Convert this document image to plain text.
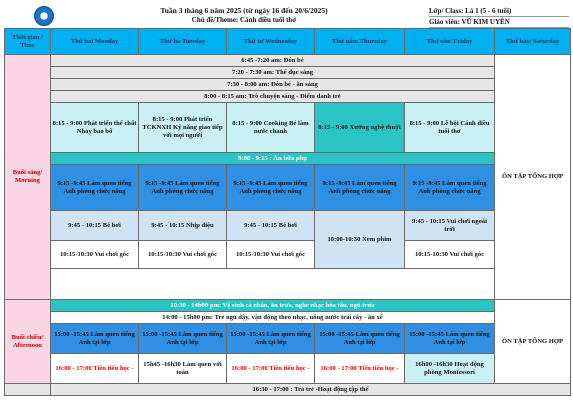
Tuần 3 tháng 6 năm 2025 (từ ngày 16 đến 20/6/2025)
Chủ đề/Theme: Cánh diều tuổi thơ
Lớp/ Class: Lá 1 (5 - 6 tuổi)
Giáo viên: VŨ KIM UYÊN
Thời gian / Time	Thứ hai Monday	Thứ ba Tuesday	Thứ tư Wednesday	Thứ năm Thursday	Thứ sáu/ Friday	Thứ bảy/ Saturday
Buổi sáng/ Morning	6:45 -7:20 am: Đón bé					ÔN TẬP TỔNG HỢP
	7:20 - 7:30 am: Thể dục sáng					
	7:30 - 8:00 am: Đón bé - ăn sáng					
	8:00 - 8:15 am: Trò chuyện sáng - Điểm danh trẻ					
	8:15 - 9:00 Phát triển thể chất Nhảy bao bố	8:15 - 9:00 Phát triển TCKNXH Kỹ năng giao tiếp với mọi người	8:15 - 9:00 Cooking Bé làm nước chanh	8:15 - 9:00 Xưởng nghệ thuật	8:15 - 9:00 Lễ hội Cánh diều tuổi thơ	
	9:00 - 9:15 : Ăn bữa phụ					
	9:15 -9:45 Làm quen tiếng Anh phòng chức năng	9:15 -9:45 Làm quen tiếng Anh phòng chức năng	9:15 -9:45 Làm quen tiếng Anh phòng chức năng	9:15 -9:45 Làm quen tiếng Anh phòng chức năng	9:15 -9:45 Làm quen tiếng Anh phòng chức năng	
	9:45 - 10:15 Bé bơi	9:45 - 10:15 Nhịp điệu	9:45 - 10:15 Bé bơi	10:00-10:30 Xem phim	9:45 - 10:15 Vui chơi ngoài trời	
	10:15-10:30 Vui chơi góc	10:15-10:30 Vui chơi góc	10:15-10:30 Vui chơi góc		10:15-10:30 Vui chơi góc	

Buổi chiều/ Afternoon	10:30 - 14h00 pm: Vệ sinh cá nhân, ăn trưa, nghe nhạc hòa tấu, ngủ trưa					ÔN TẬP TỔNG HỢP
	14:00 - 15h00 pm: Trẻ ngủ dậy, vận động theo nhạc, uống nước trái cây - ăn xế					
	15:00 -15:45 Làm quen tiếng Anh tại lớp	15:00 -15:45 Làm quen tiếng Anh tại lớp	15:00 -15:45 Làm quen tiếng Anh tại lớp	15:00 -15:45 Làm quen tiếng Anh tại lớp	15:00 -15:45 Làm quen tiếng Anh tại lớp	
	16:00 - 17:00 Tiền tiểu học -	15h45 -16h30 Làm quen với toán	16:00 - 17:00 Tiền tiểu học -	16:00 - 17:00 Tiền tiểu học -	16h00 -16h30 Hoạt động phòng Montessori	
	16:30 - 17:00 : Trả trẻ -Hoạt động tập thể					
